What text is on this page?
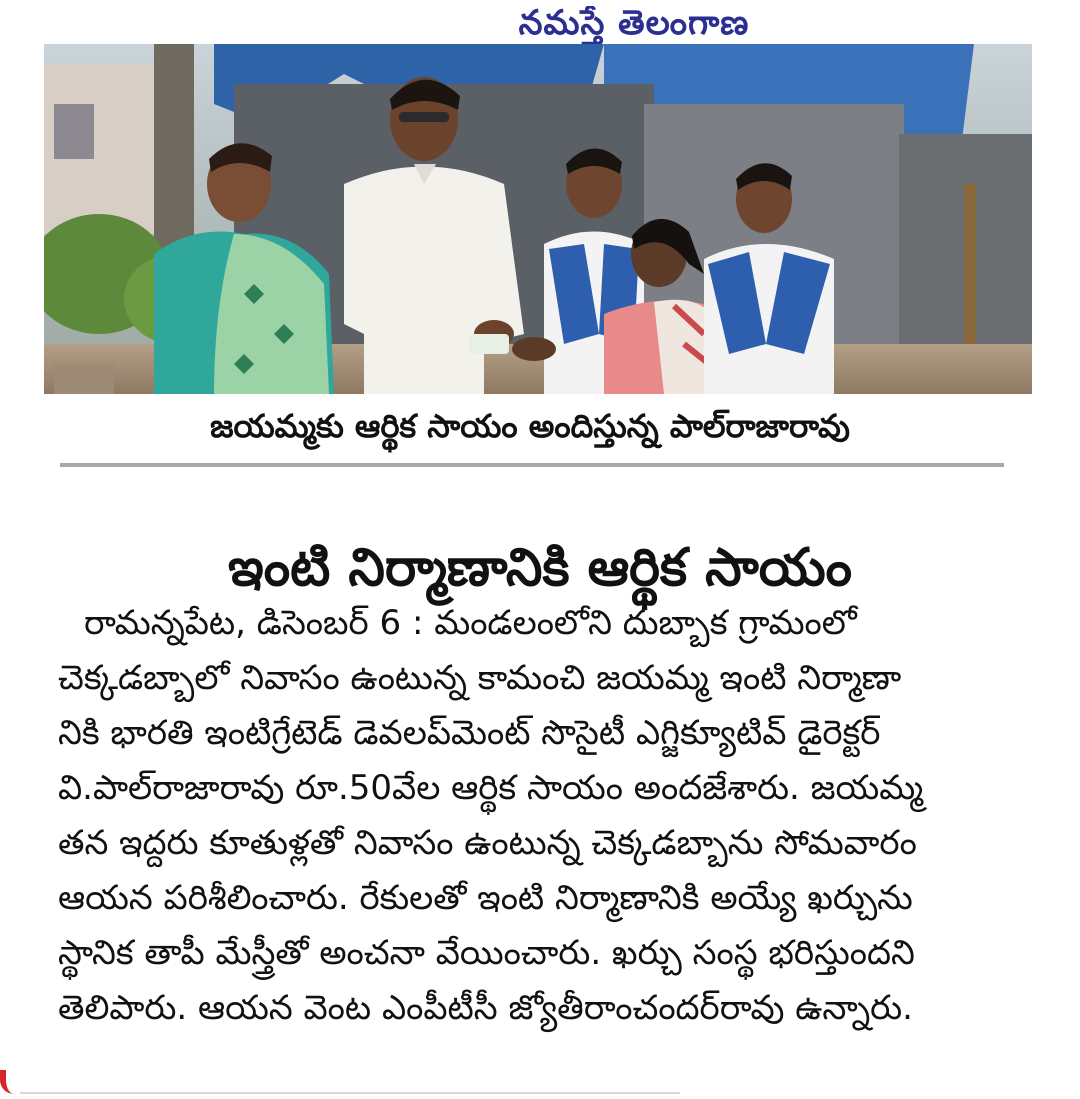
నమస్తే తెలంగాణ
జయమ్మకు ఆర్థిక సాయం అందిస్తున్న పాల్‌రాజారావు
ఇంటి నిర్మాణానికి ఆర్థిక సాయం
రామన్నపేట, డిసెంబర్ 6 : మండలంలోని దుబ్బాక గ్రామంలో
చెక్కడబ్బాలో నివాసం ఉంటున్న కామంచి జయమ్మ ఇంటి నిర్మాణా
నికి భారతి ఇంటిగ్రేటెడ్ డెవలప్‌మెంట్ సొసైటీ ఎగ్జిక్యూటివ్ డైరెక్టర్
వి.పాల్‌రాజారావు రూ.50వేల ఆర్థిక సాయం అందజేశారు. జయమ్మ
తన ఇద్దరు కూతుళ్లతో నివాసం ఉంటున్న చెక్కడబ్బాను సోమవారం
ఆయన పరిశీలించారు. రేకులతో ఇంటి నిర్మాణానికి అయ్యే ఖర్చును
స్థానిక తాపీ మేస్త్రీతో అంచనా వేయించారు. ఖర్చు సంస్థ భరిస్తుందని
తెలిపారు. ఆయన వెంట ఎంపీటీసీ జ్యోతీరాంచందర్‌రావు ఉన్నారు.
